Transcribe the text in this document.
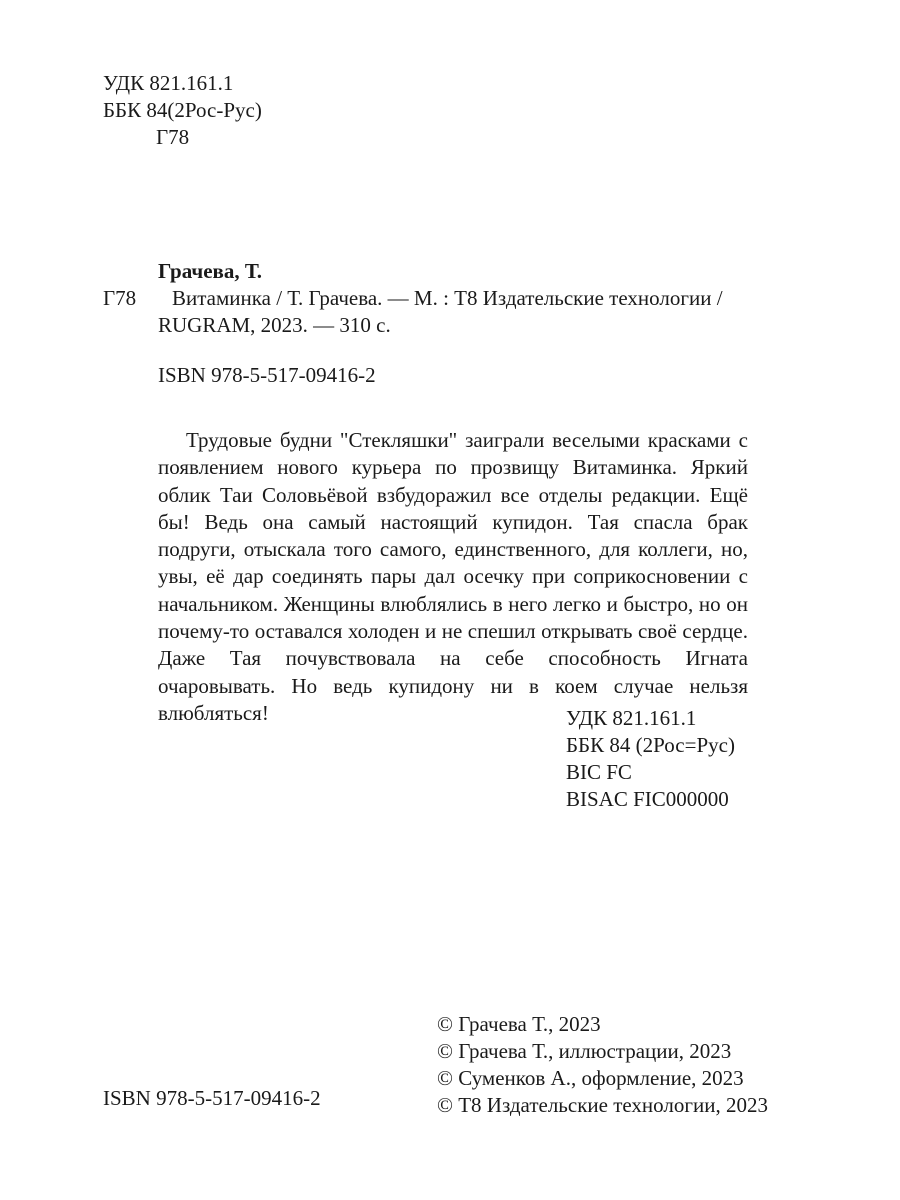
УДК 821.161.1
ББК 84(2Рос-Рус)
Г78
Грачева, Т.
Г78	Витаминка / Т. Грачева. — М. : Т8 Издательские технологии /
RUGRAM, 2023. — 310 с.
ISBN 978-5-517-09416-2
Трудовые будни "Стекляшки" заиграли веселыми красками с появлением нового курьера по прозвищу Витаминка. Яркий облик Таи Соловьёвой взбудоражил все отделы редакции. Ещё бы! Ведь она самый настоящий купидон. Тая спасла брак подруги, отыскала того самого, единственного, для коллеги, но, увы, её дар соединять пары дал осечку при соприкосновении с начальником. Женщины влюблялись в него легко и быстро, но он почему-то оставался холоден и не спешил открывать своё сердце. Даже Тая почувствовала на себе способность Игната очаровывать. Но ведь купидону ни в коем случае нельзя влюбляться!	УДК 821.161.1
ББК 84 (2Рос=Рус)
BIC FC
BISAC FIC000000
ISBN 978-5-517-09416-2
© Грачева Т., 2023
© Грачева Т., иллюстрации, 2023
© Суменков А., оформление, 2023
© Т8 Издательские технологии, 2023
